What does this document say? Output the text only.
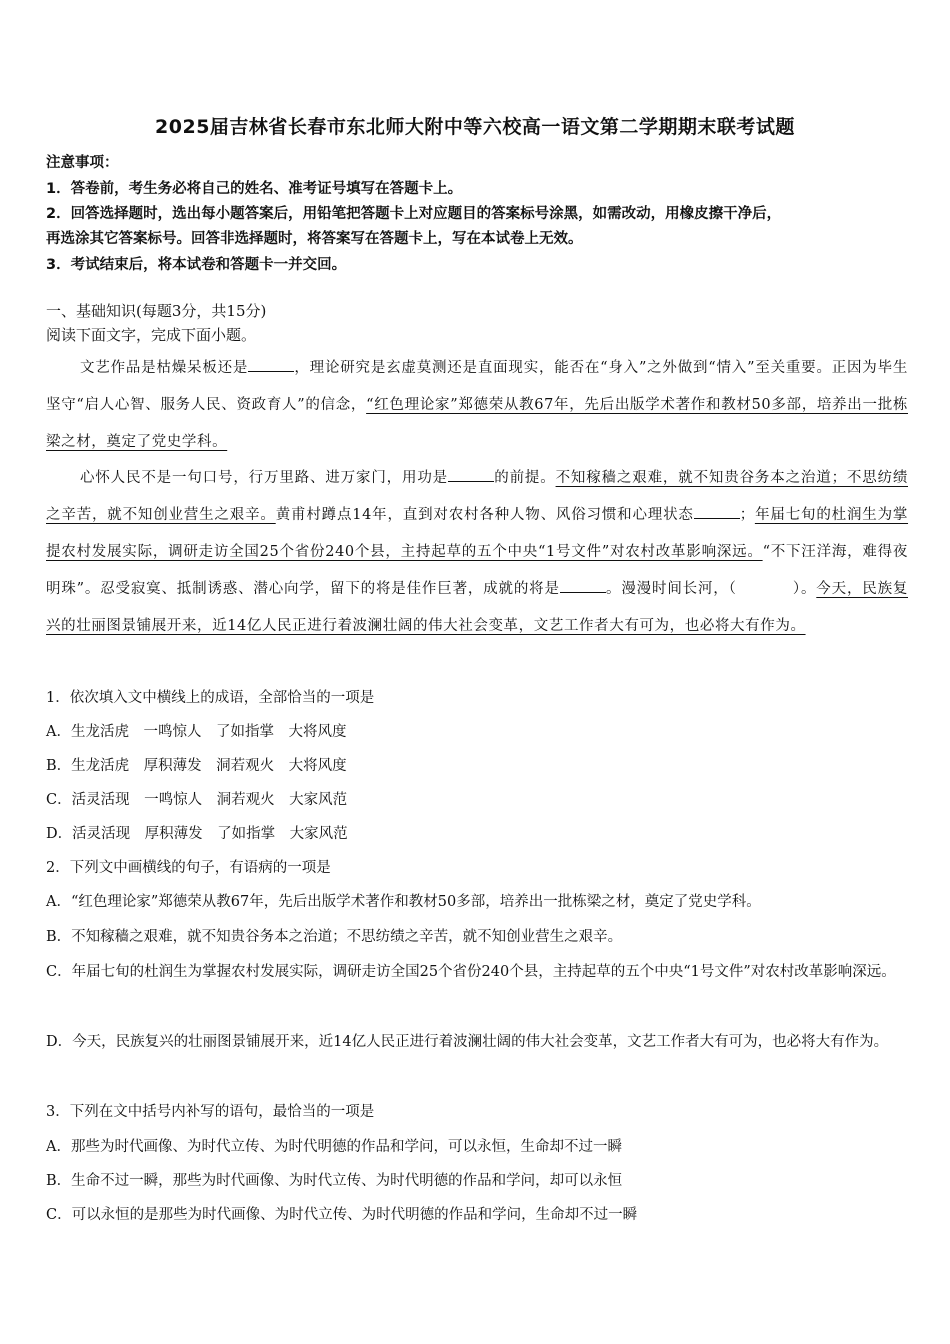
2025届吉林省长春市东北师大附中等六校高一语文第二学期期末联考试题
注意事项：
1．答卷前，考生务必将自己的姓名、准考证号填写在答题卡上。
2．回答选择题时，选出每小题答案后，用铅笔把答题卡上对应题目的答案标号涂黑，如需改动，用橡皮擦干净后，
再选涂其它答案标号。回答非选择题时，将答案写在答题卡上，写在本试卷上无效。
3．考试结束后，将本试卷和答题卡一并交回。
一、基础知识(每题3分，共15分)
阅读下面文字，完成下面小题。
文艺作品是枯燥呆板还是	，理论研究是玄虚莫测还是直面现实，能否在“身入”之外做到“情入”至关重要。正因为毕生坚守“启人心智、服务人民、资政育人”的信念，“红色理论家”郑德荣从教67年，先后出版学术著作和教材50多部，培养出一批栋梁之材，奠定了党史学科。
心怀人民不是一句口号，行万里路、进万家门，用功是	的前提。不知稼穑之艰难，就不知贵谷务本之治道；不思纺绩之辛苦，就不知创业营生之艰辛。黄甫村蹲点14年，直到对农村各种人物、风俗习惯和心理状态	；年届七旬的杜润生为掌提农村发展实际，调研走访全国25个省份240个县，主持起草的五个中央“1号文件”对农村改革影响深远。“不下汪洋海，难得夜明珠”。忍受寂寞、抵制诱惑、潜心向学，留下的将是佳作巨著，成就的将是	。漫漫时间长河，（	）。今天，民族复兴的壮丽图景铺展开来，近14亿人民正进行着波澜壮阔的伟大社会变革，文艺工作者大有可为，也必将大有作为。
1．依次填入文中横线上的成语，全部恰当的一项是
A．生龙活虎　一鸣惊人　了如指掌　大将风度
B．生龙活虎　厚积薄发　洞若观火　大将风度
C．活灵活现　一鸣惊人　洞若观火　大家风范
D．活灵活现　厚积薄发　了如指掌　大家风范
2．下列文中画横线的句子，有语病的一项是
A．“红色理论家”郑德荣从教67年，先后出版学术著作和教材50多部，培养出一批栋梁之材，奠定了党史学科。
B．不知稼穑之艰难，就不知贵谷务本之治道；不思纺绩之辛苦，就不知创业营生之艰辛。
C．年届七旬的杜润生为掌握农村发展实际，调研走访全国25个省份240个县，主持起草的五个中央“1号文件”对农村改革影响深远。
D．今天，民族复兴的壮丽图景铺展开来，近14亿人民正进行着波澜壮阔的伟大社会变革，文艺工作者大有可为，也必将大有作为。
3．下列在文中括号内补写的语句，最恰当的一项是
A．那些为时代画像、为时代立传、为时代明德的作品和学问，可以永恒，生命却不过一瞬
B．生命不过一瞬，那些为时代画像、为时代立传、为时代明德的作品和学问，却可以永恒
C．可以永恒的是那些为时代画像、为时代立传、为时代明德的作品和学问，生命却不过一瞬
